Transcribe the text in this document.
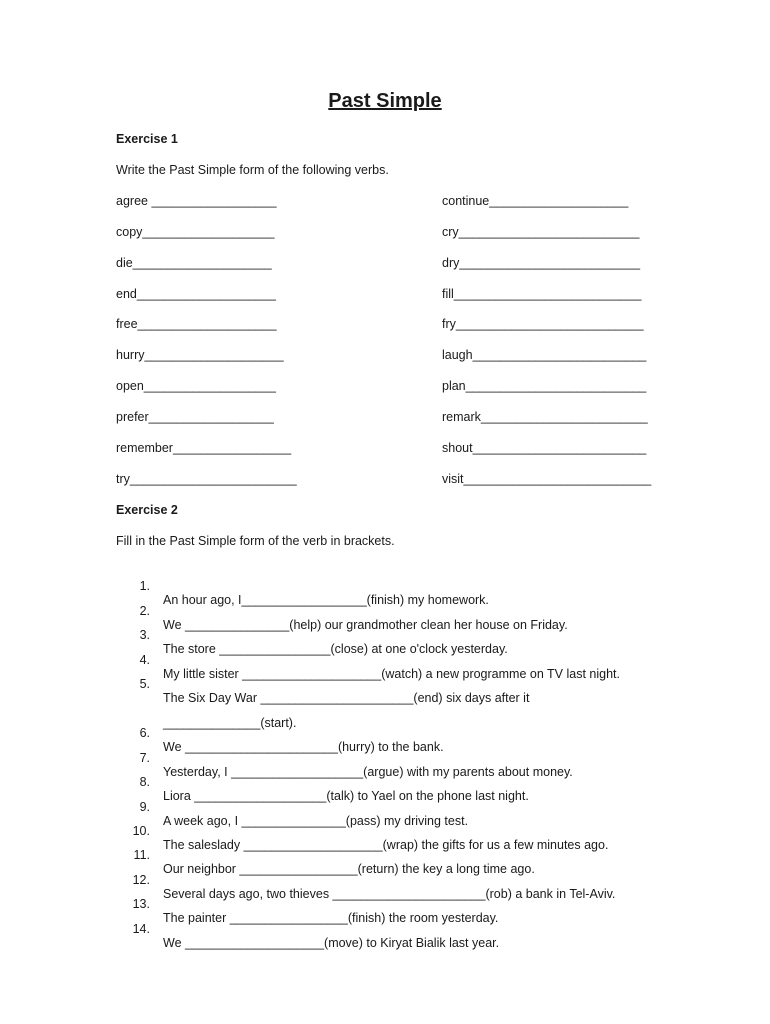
Past Simple
Exercise 1
Write the Past Simple form of the following verbs.
agree __________________
copy___________________
die____________________
end____________________
free____________________
hurry____________________
open___________________
prefer__________________
remember_________________
try________________________
continue____________________
cry__________________________
dry__________________________
fill___________________________
fry___________________________
laugh_________________________
plan__________________________
remark________________________
shout_________________________
visit___________________________
Exercise 2
Fill in the Past Simple form of the verb in brackets.

1.

An hour ago, I__________________(finish) my homework.

2.

We _______________(help) our grandmother clean her house on Friday.

3.

The store ________________(close) at one o'clock yesterday.

4.

My little sister ____________________(watch) a new programme on TV last night.

5.

The Six Day War ______________________(end) six days after it

______________(start).

6.

We ______________________(hurry) to the bank.

7.

Yesterday, I ___________________(argue) with my parents about money.

8.

Liora ___________________(talk) to Yael on the phone last night.

9.

A week ago, I _______________(pass) my driving test.

10.

The saleslady ____________________(wrap) the gifts for us a few minutes ago.

11.

Our neighbor _________________(return) the key a long time ago.

12.

Several days ago, two thieves ______________________(rob) a bank in Tel-Aviv.

13.

The painter _________________(finish) the room yesterday.

14.

We ____________________(move) to Kiryat Bialik last year.
